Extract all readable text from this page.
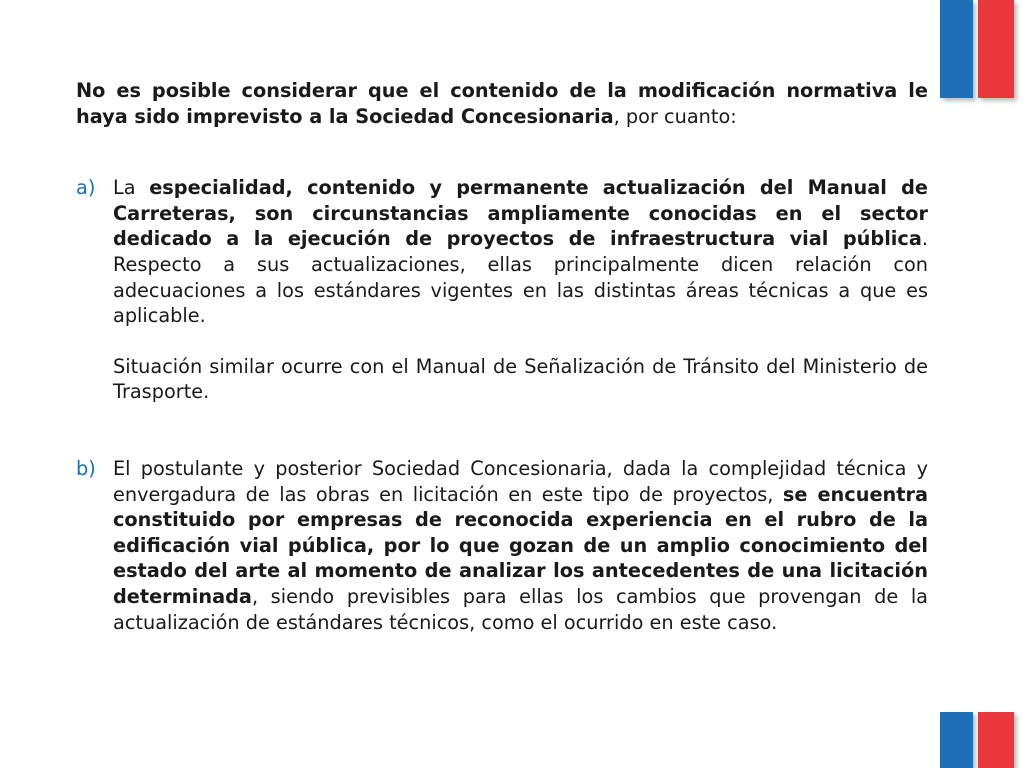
No es posible considerar que el contenido de la modificación normativa le haya sido imprevisto a la Sociedad Concesionaria, por cuanto:

a) La especialidad, contenido y permanente actualización del Manual de Carreteras, son circunstancias ampliamente conocidas en el sector dedicado a la ejecución de proyectos de infraestructura vial pública. Respecto a sus actualizaciones, ellas principalmente dicen relación con adecuaciones a los estándares vigentes en las distintas áreas técnicas a que es aplicable.

Situación similar ocurre con el Manual de Señalización de Tránsito del Ministerio de Trasporte.

b) El postulante y posterior Sociedad Concesionaria, dada la complejidad técnica y envergadura de las obras en licitación en este tipo de proyectos, se encuentra constituido por empresas de reconocida experiencia en el rubro de la edificación vial pública, por lo que gozan de un amplio conocimiento del estado del arte al momento de analizar los antecedentes de una licitación determinada, siendo previsibles para ellas los cambios que provengan de la actualización de estándares técnicos, como el ocurrido en este caso.
